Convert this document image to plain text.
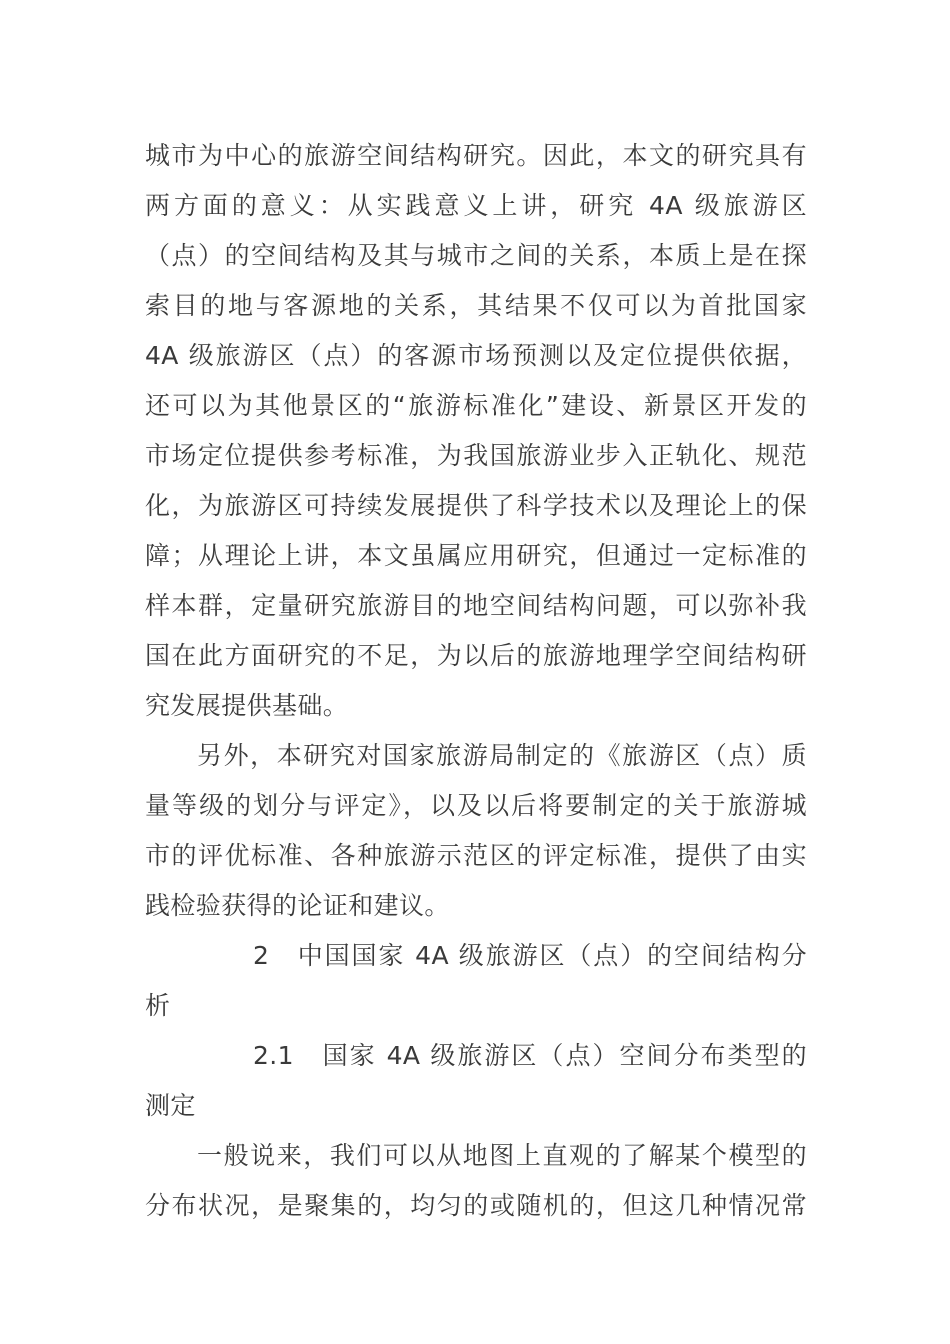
城市为中心的旅游空间结构研究。因此，本文的研究具有
两方面的意义：从实践意义上讲，研究 4A 级旅游区
（点）的空间结构及其与城市之间的关系，本质上是在探
索目的地与客源地的关系，其结果不仅可以为首批国家
4A 级旅游区（点）的客源市场预测以及定位提供依据，
还可以为其他景区的“旅游标准化”建设、新景区开发的
市场定位提供参考标准，为我国旅游业步入正轨化、规范
化，为旅游区可持续发展提供了科学技术以及理论上的保
障；从理论上讲，本文虽属应用研究，但通过一定标准的
样本群，定量研究旅游目的地空间结构问题，可以弥补我
国在此方面研究的不足，为以后的旅游地理学空间结构研
究发展提供基础。
另外，本研究对国家旅游局制定的《旅游区（点）质
量等级的划分与评定》，以及以后将要制定的关于旅游城
市的评优标准、各种旅游示范区的评定标准，提供了由实
践检验获得的论证和建议。
2　中国国家 4A 级旅游区（点）的空间结构分
析
2.1　国家 4A 级旅游区（点）空间分布类型的
测定
一般说来，我们可以从地图上直观的了解某个模型的
分布状况，是聚集的，均匀的或随机的，但这几种情况常
